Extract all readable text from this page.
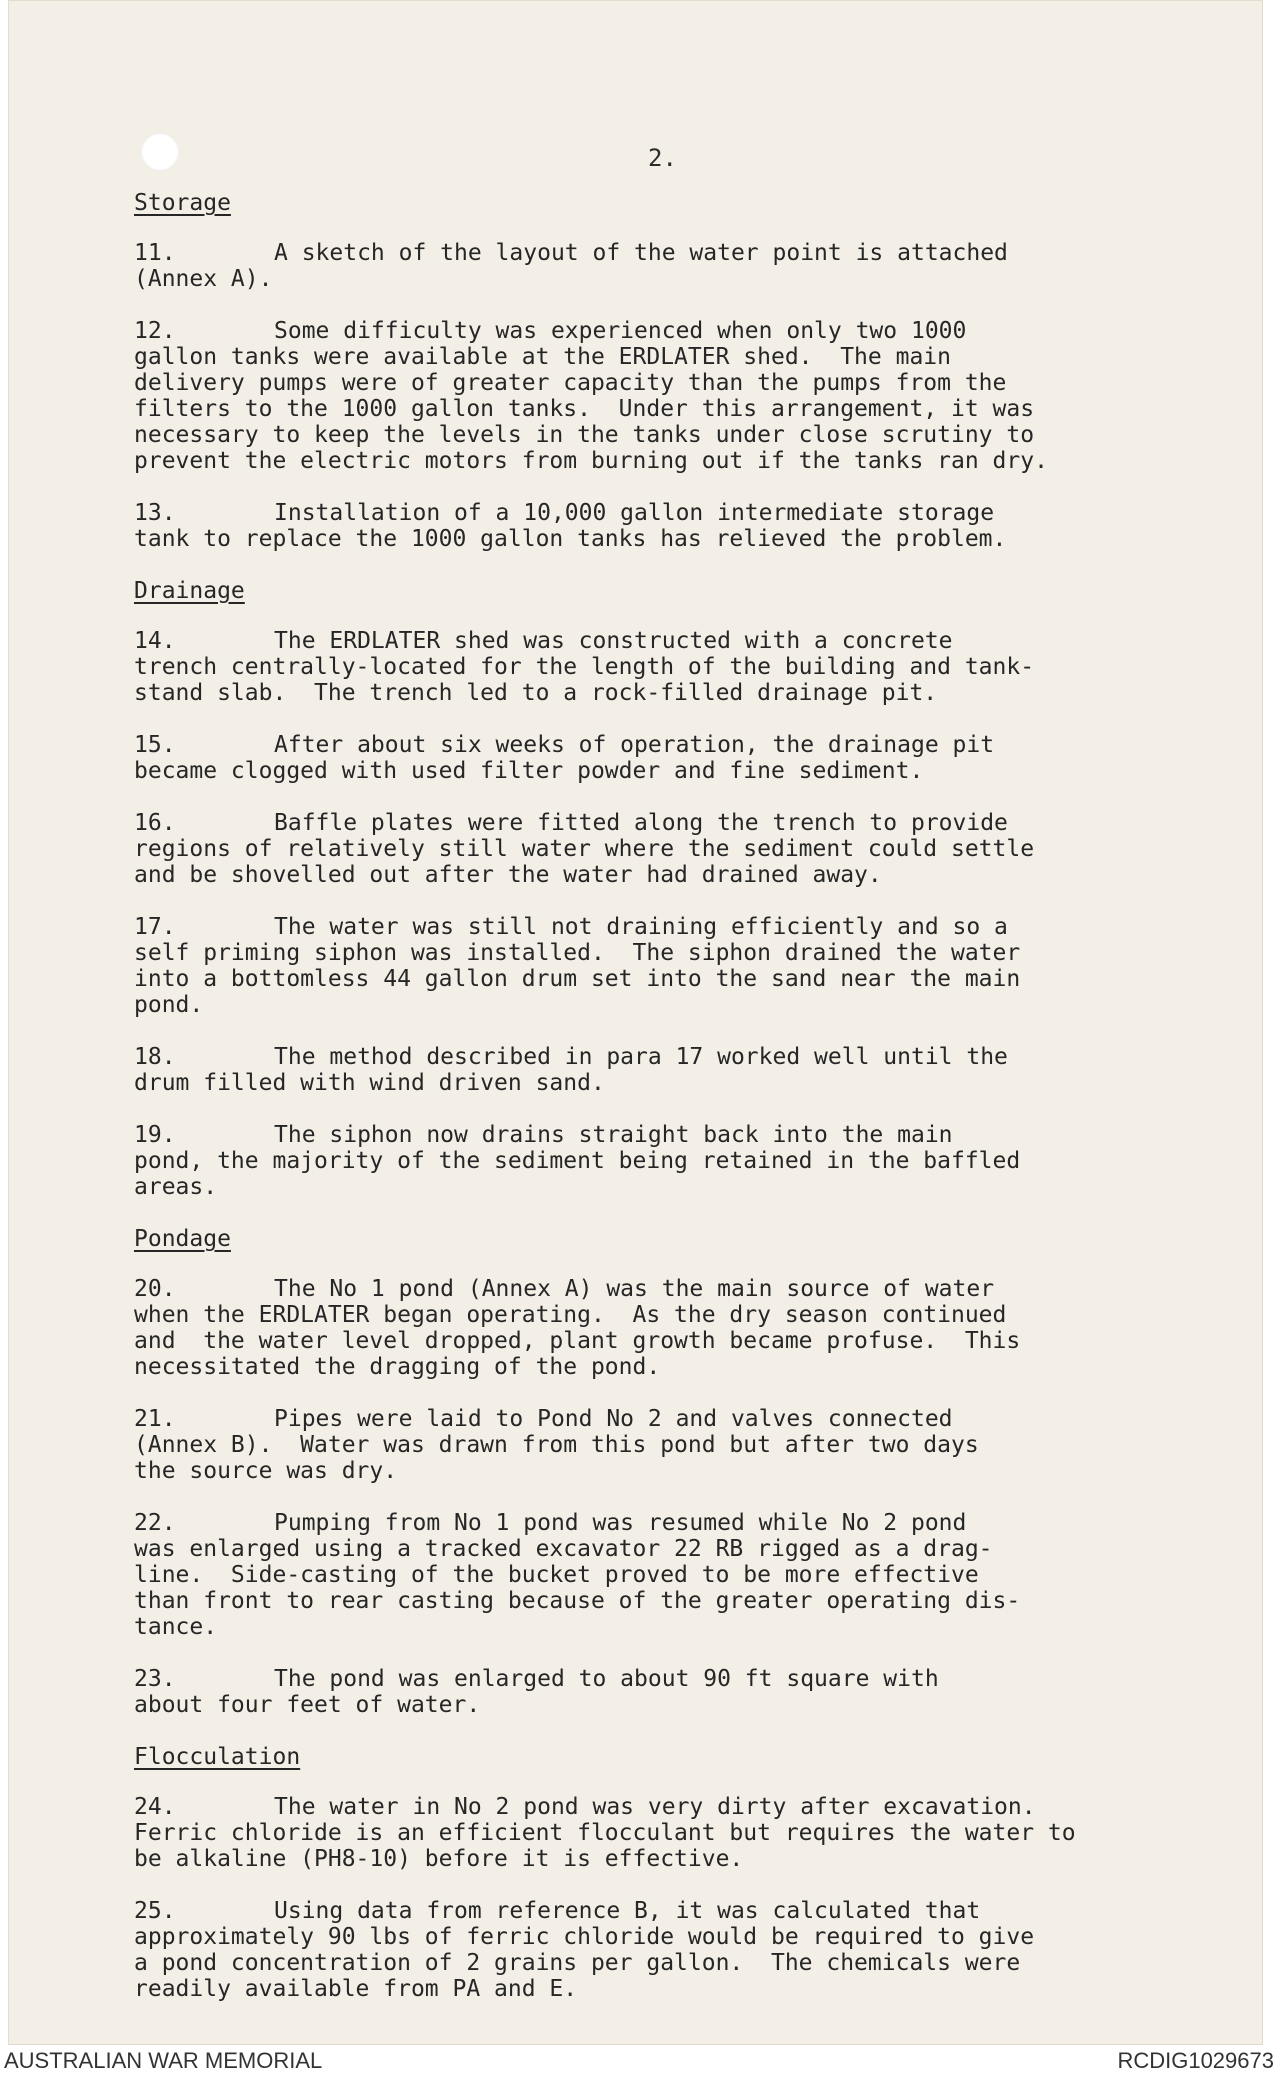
2.
Storage
11.	A sketch of the layout of the water point is attached
(Annex A).
12.	Some difficulty was experienced when only two 1000
gallon tanks were available at the ERDLATER shed.  The main
delivery pumps were of greater capacity than the pumps from the
filters to the 1000 gallon tanks.  Under this arrangement, it was
necessary to keep the levels in the tanks under close scrutiny to
prevent the electric motors from burning out if the tanks ran dry.
13.	Installation of a 10,000 gallon intermediate storage
tank to replace the 1000 gallon tanks has relieved the problem.
Drainage
14.	The ERDLATER shed was constructed with a concrete
trench centrally-located for the length of the building and tank-
stand slab.  The trench led to a rock-filled drainage pit.
15.	After about six weeks of operation, the drainage pit
became clogged with used filter powder and fine sediment.
16.	Baffle plates were fitted along the trench to provide
regions of relatively still water where the sediment could settle
and be shovelled out after the water had drained away.
17.	The water was still not draining efficiently and so a
self priming siphon was installed.  The siphon drained the water
into a bottomless 44 gallon drum set into the sand near the main
pond.
18.	The method described in para 17 worked well until the
drum filled with wind driven sand.
19.	The siphon now drains straight back into the main
pond, the majority of the sediment being retained in the baffled
areas.
Pondage
20.	The No 1 pond (Annex A) was the main source of water
when the ERDLATER began operating.  As the dry season continued
and  the water level dropped, plant growth became profuse.  This
necessitated the dragging of the pond.
21.	Pipes were laid to Pond No 2 and valves connected
(Annex B).  Water was drawn from this pond but after two days
the source was dry.
22.	Pumping from No 1 pond was resumed while No 2 pond
was enlarged using a tracked excavator 22 RB rigged as a drag-
line.  Side-casting of the bucket proved to be more effective
than front to rear casting because of the greater operating dis-
tance.
23.	The pond was enlarged to about 90 ft square with
about four feet of water.
Flocculation
24.	The water in No 2 pond was very dirty after excavation.
Ferric chloride is an efficient flocculant but requires the water to
be alkaline (PH8-10) before it is effective.
25.	Using data from reference B, it was calculated that
approximately 90 lbs of ferric chloride would be required to give
a pond concentration of 2 grains per gallon.  The chemicals were
readily available from PA and E.
AUSTRALIAN WAR MEMORIAL	RCDIG1029673
